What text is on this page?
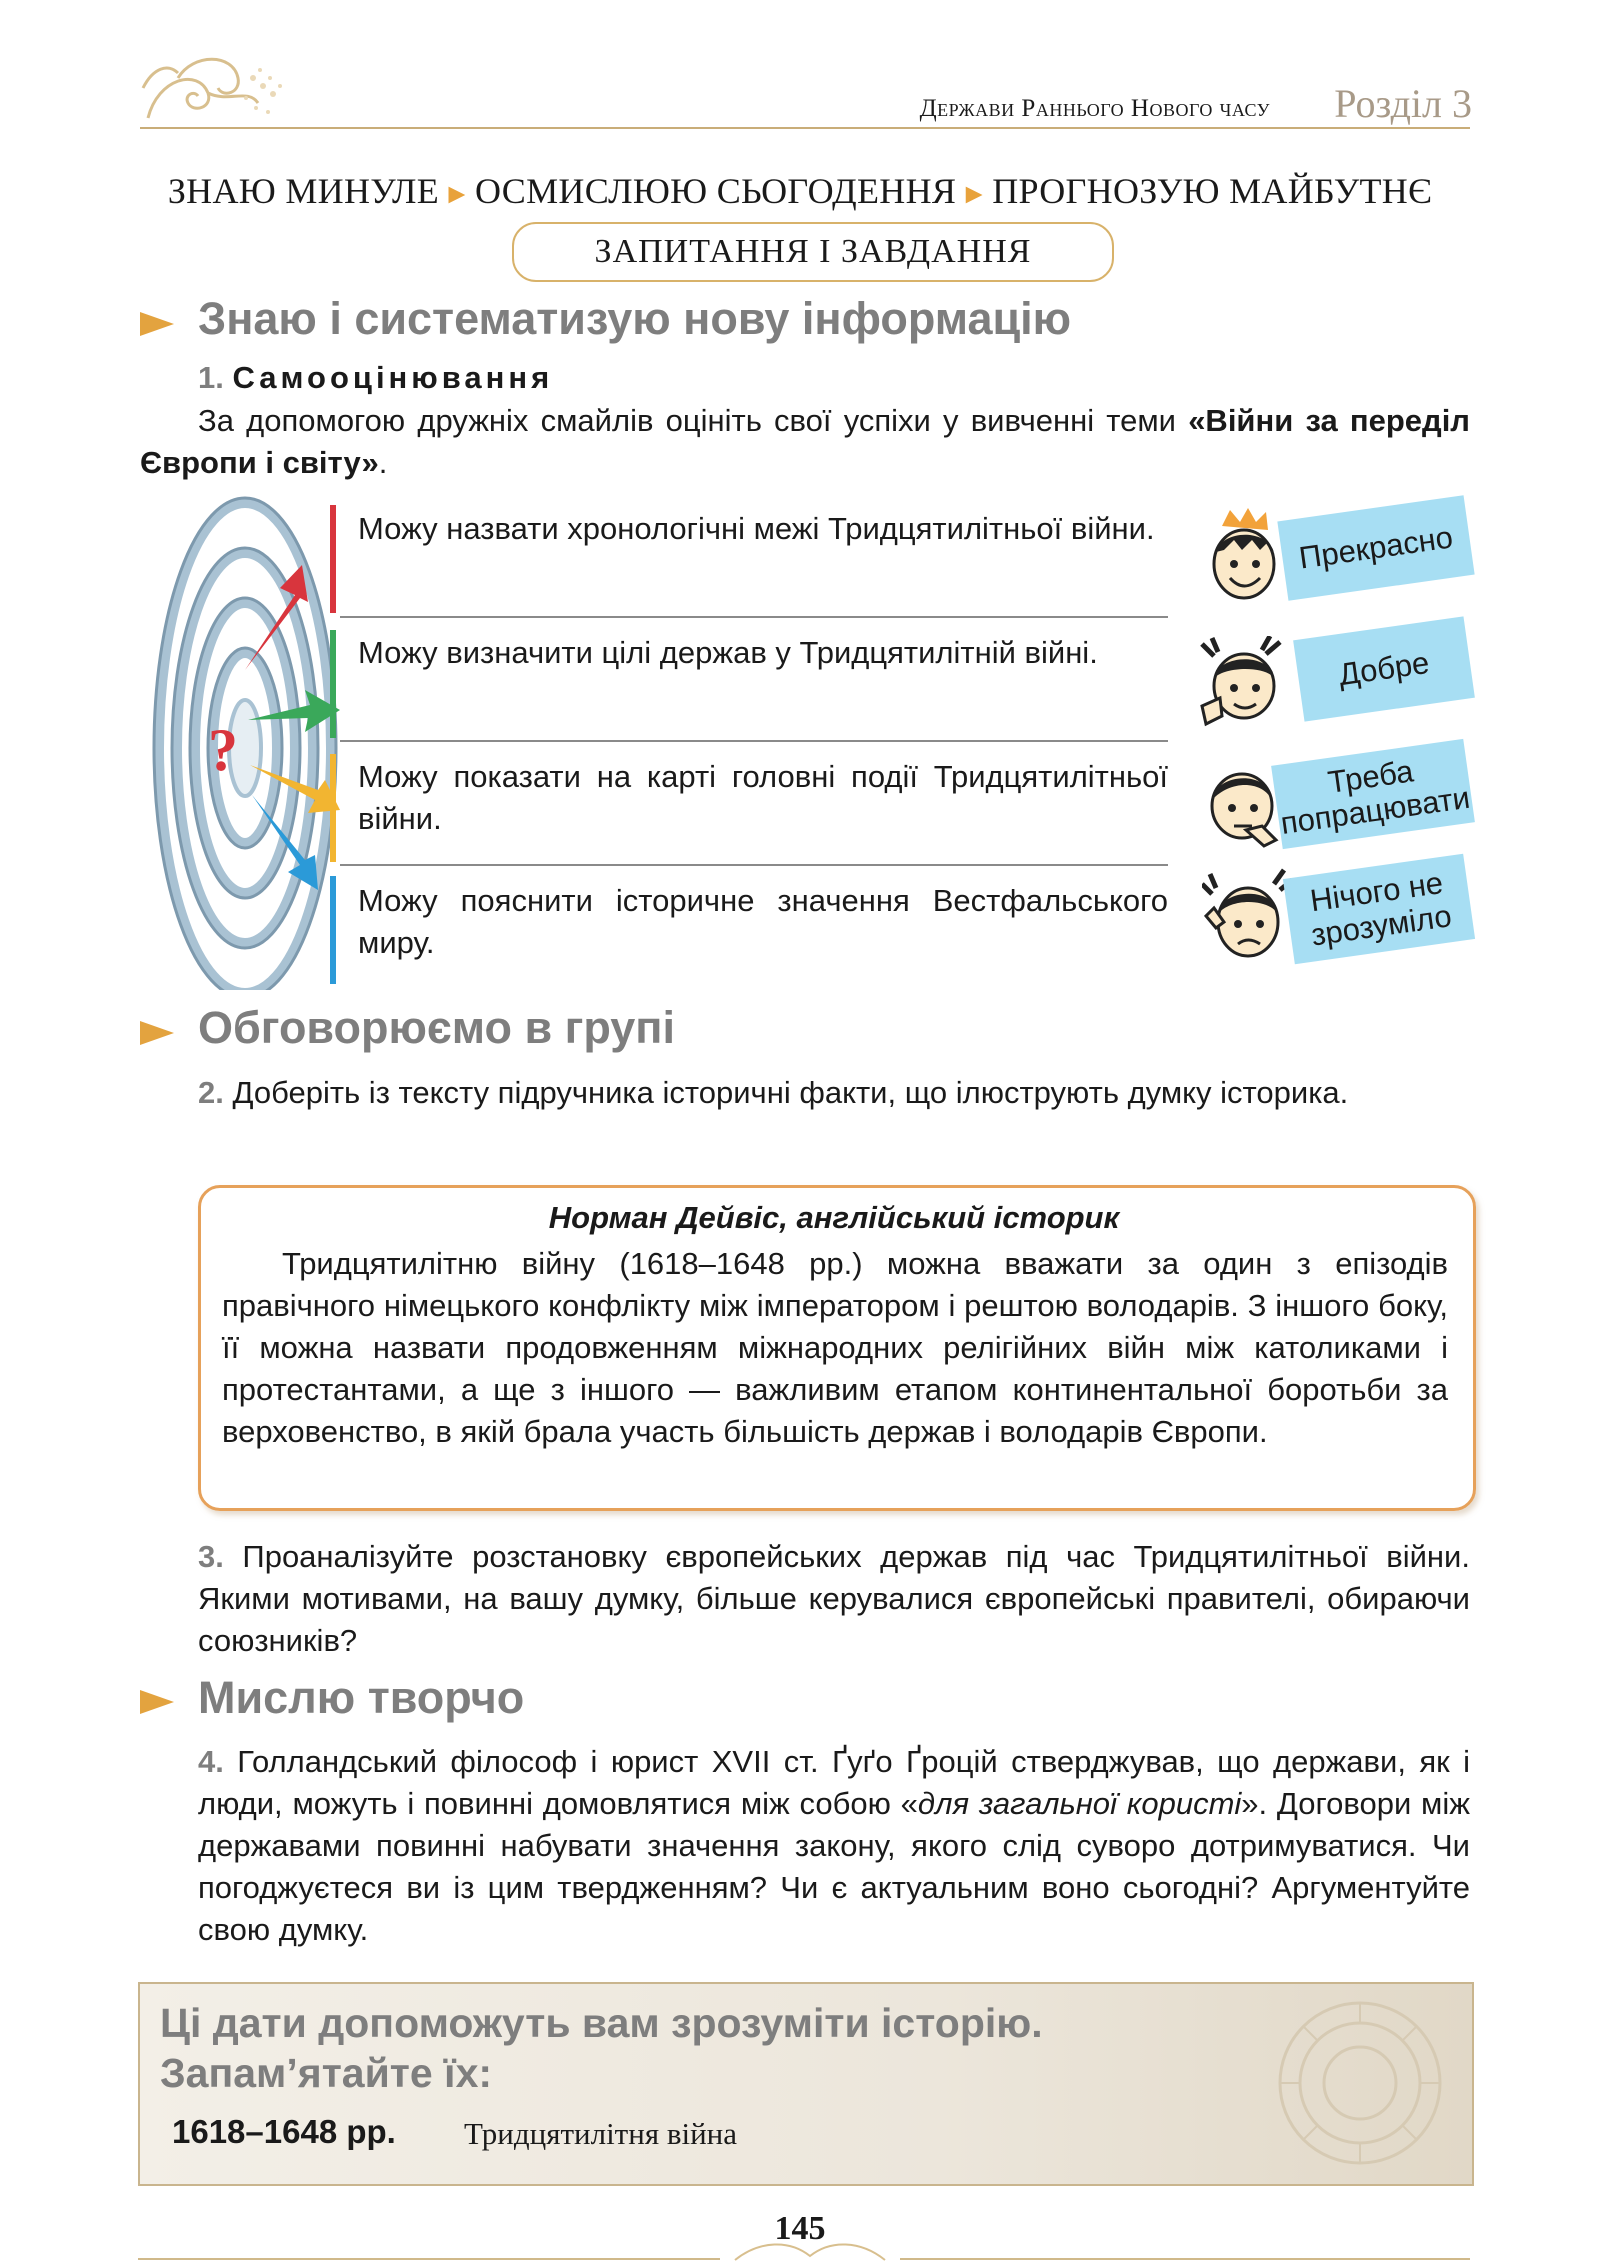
Держави Раннього Нового часу Розділ 3
ЗНАЮ МИНУЛЕ ► ОСМИСЛЮЮ СЬОГОДЕННЯ ► ПРОГНОЗУЮ МАЙБУТНЄ
ЗАПИТАННЯ І ЗАВДАННЯ
Знаю і систематизую нову інформацію
1. Самооцінювання
За допомогою дружніх смайлів оцініть свої успіхи у вивченні теми «Війни за переділ Європи і світу».
?
Можу назвати хронологічні межі Тридцятилітньої війни.
Можу визначити цілі держав у Тридцятилітній війні.
Можу показати на карті головні події Тридцятилітньої війни.
Можу пояснити історичне значення Вестфальського миру.
Прекрасно
Добре
Треба попрацювати
Нічого не зрозуміло
Обговорюємо в групі
2. Доберіть із тексту підручника історичні факти, що ілюструють думку історика.
Норман Дейвіс, англійський історик
Тридцятилітню війну (1618–1648 рр.) можна вважати за один з епізодів правічного німецького конфлікту між імператором і рештою володарів. З іншого боку, її можна назвати продовженням міжнародних релігійних війн між католиками і протестантами, а ще з іншого — важливим етапом континентальної боротьби за верховенство, в якій брала участь більшість держав і володарів Європи.
3. Проаналізуйте розстановку європейських держав під час Тридцятилітньої війни. Якими мотивами, на вашу думку, більше керувалися європейські правителі, обираючи союзників?
Мислю творчо
4. Голландський філософ і юрист XVII ст. Ґуґо Ґроцій стверджував, що держави, як і люди, можуть і повинні домовлятися між собою «для загальної користі». Договори між державами повинні набувати значення закону, якого слід суворо дотримуватися. Чи погоджуєтеся ви із цим твердженням? Чи є актуальним воно сьогодні? Аргументуйте свою думку.
Ці дати допоможуть вам зрозуміти історію.
Запам’ятайте їх:
1618–1648 рр. Тридцятилітня війна
145
